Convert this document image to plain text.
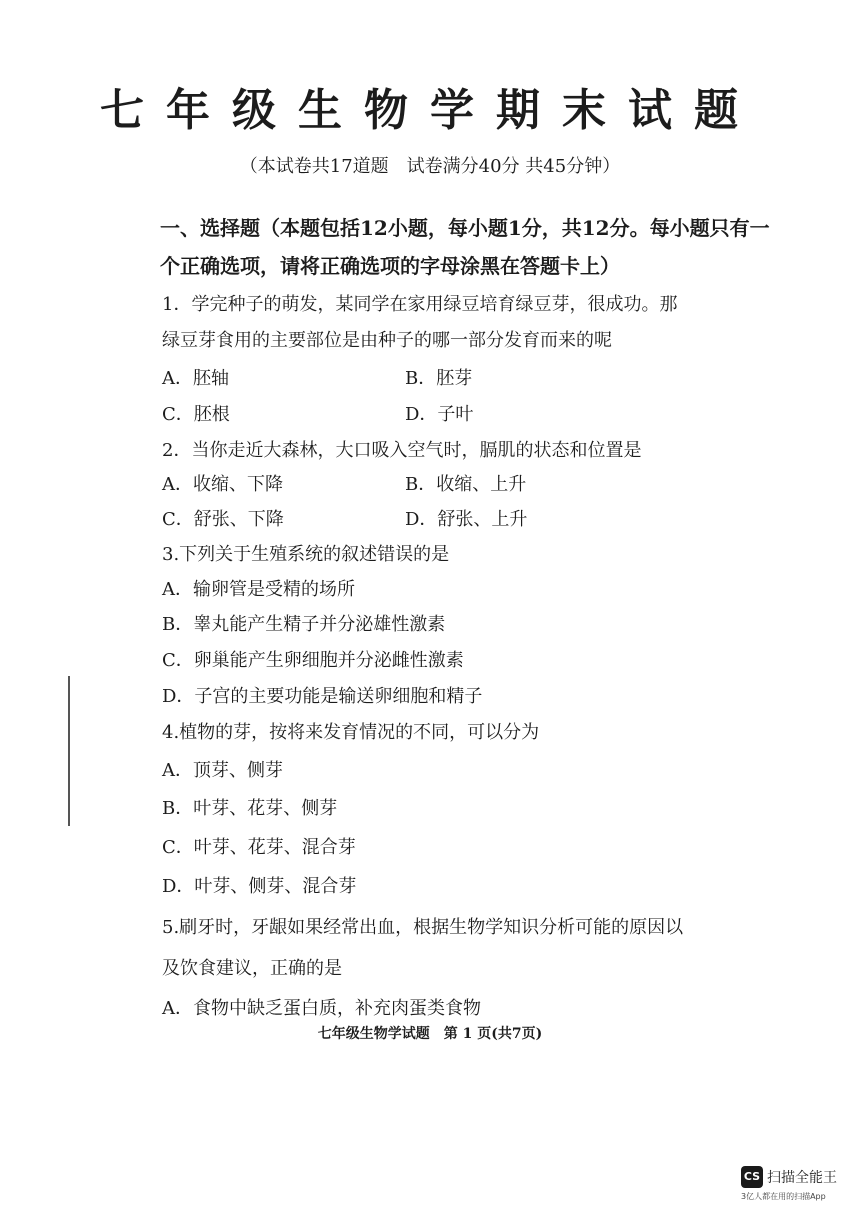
七年级生物学期末试题
（本试卷共17道题　试卷满分40分 共45分钟）
一、选择题（本题包括12小题，每小题1分，共12分。每小题只有一
个正确选项，请将正确选项的字母涂黑在答题卡上）
1．学完种子的萌发，某同学在家用绿豆培育绿豆芽，很成功。那
绿豆芽食用的主要部位是由种子的哪一部分发育而来的呢
A．胚轴	B．胚芽
C．胚根	D．子叶
2．当你走近大森林，大口吸入空气时，膈肌的状态和位置是
A．收缩、下降	B．收缩、上升
C．舒张、下降	D．舒张、上升
3.下列关于生殖系统的叙述错误的是
A．输卵管是受精的场所
B．睾丸能产生精子并分泌雄性激素
C．卵巢能产生卵细胞并分泌雌性激素
D．子宫的主要功能是输送卵细胞和精子
4.植物的芽，按将来发育情况的不同，可以分为
A．顶芽、侧芽
B．叶芽、花芽、侧芽
C．叶芽、花芽、混合芽
D．叶芽、侧芽、混合芽
5.刷牙时，牙龈如果经常出血，根据生物学知识分析可能的原因以
及饮食建议，正确的是
A．食物中缺乏蛋白质，补充肉蛋类食物
七年级生物学试题　第 1 页(共7页)
CS 扫描全能王
3亿人都在用的扫描App
